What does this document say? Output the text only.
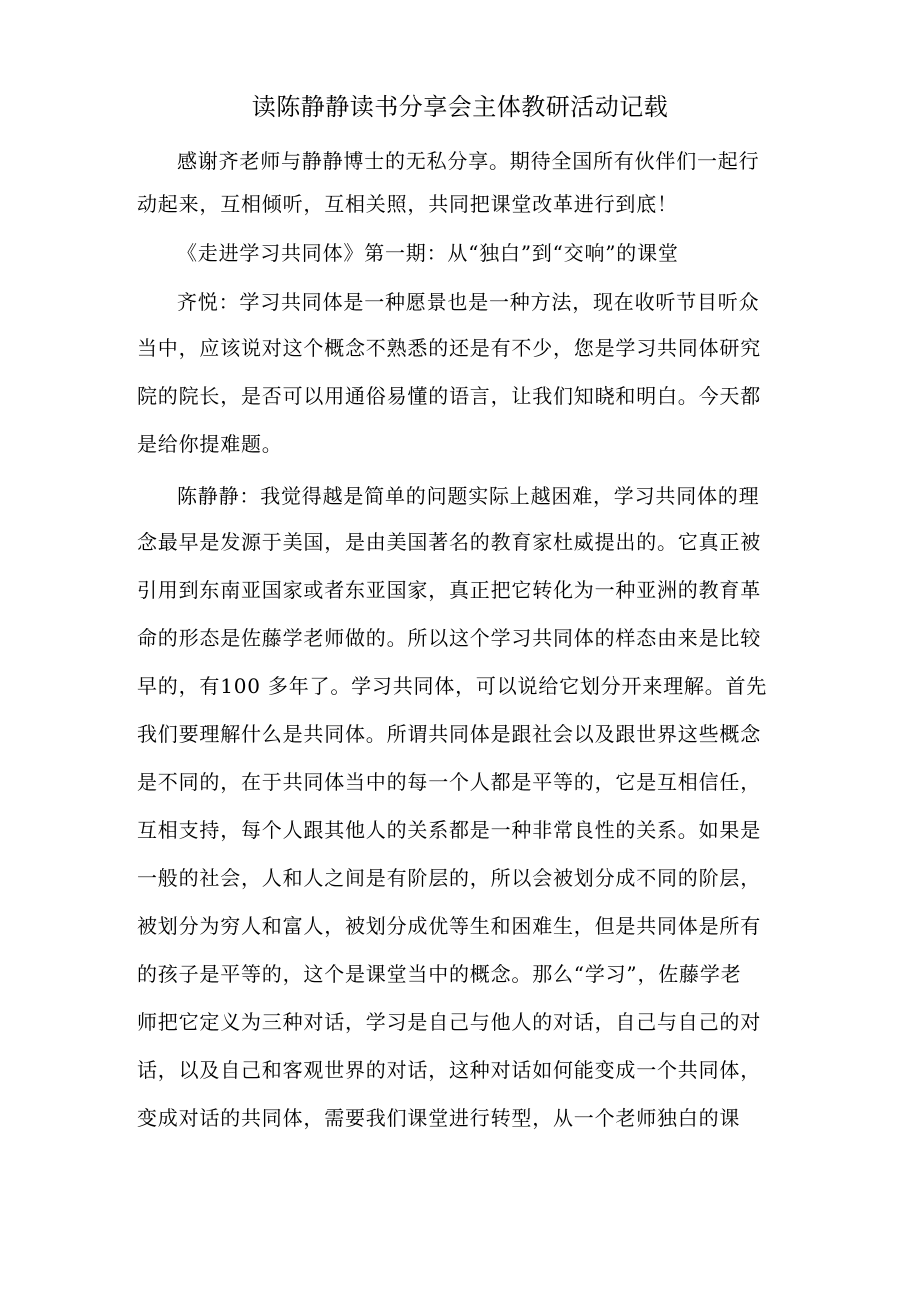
读陈静静读书分享会主体教研活动记载
感谢齐老师与静静博士的无私分享。期待全国所有伙伴们一起行
动起来，互相倾听，互相关照，共同把课堂改革进行到底！
《走进学习共同体》第一期：从“独白”到“交响”的课堂
齐悦：学习共同体是一种愿景也是一种方法，现在收听节目听众
当中，应该说对这个概念不熟悉的还是有不少，您是学习共同体研究
院的院长，是否可以用通俗易懂的语言，让我们知晓和明白。今天都
是给你提难题。
陈静静：我觉得越是简单的问题实际上越困难，学习共同体的理
念最早是发源于美国，是由美国著名的教育家杜威提出的。它真正被
引用到东南亚国家或者东亚国家，真正把它转化为一种亚洲的教育革
命的形态是佐藤学老师做的。所以这个学习共同体的样态由来是比较
早的，有100 多年了。学习共同体，可以说给它划分开来理解。首先
我们要理解什么是共同体。所谓共同体是跟社会以及跟世界这些概念
是不同的，在于共同体当中的每一个人都是平等的，它是互相信任，
互相支持，每个人跟其他人的关系都是一种非常良性的关系。如果是
一般的社会，人和人之间是有阶层的，所以会被划分成不同的阶层，
被划分为穷人和富人，被划分成优等生和困难生，但是共同体是所有
的孩子是平等的，这个是课堂当中的概念。那么“学习”，佐藤学老
师把它定义为三种对话，学习是自己与他人的对话，自己与自己的对
话，以及自己和客观世界的对话，这种对话如何能变成一个共同体，
变成对话的共同体，需要我们课堂进行转型，从一个老师独白的课
